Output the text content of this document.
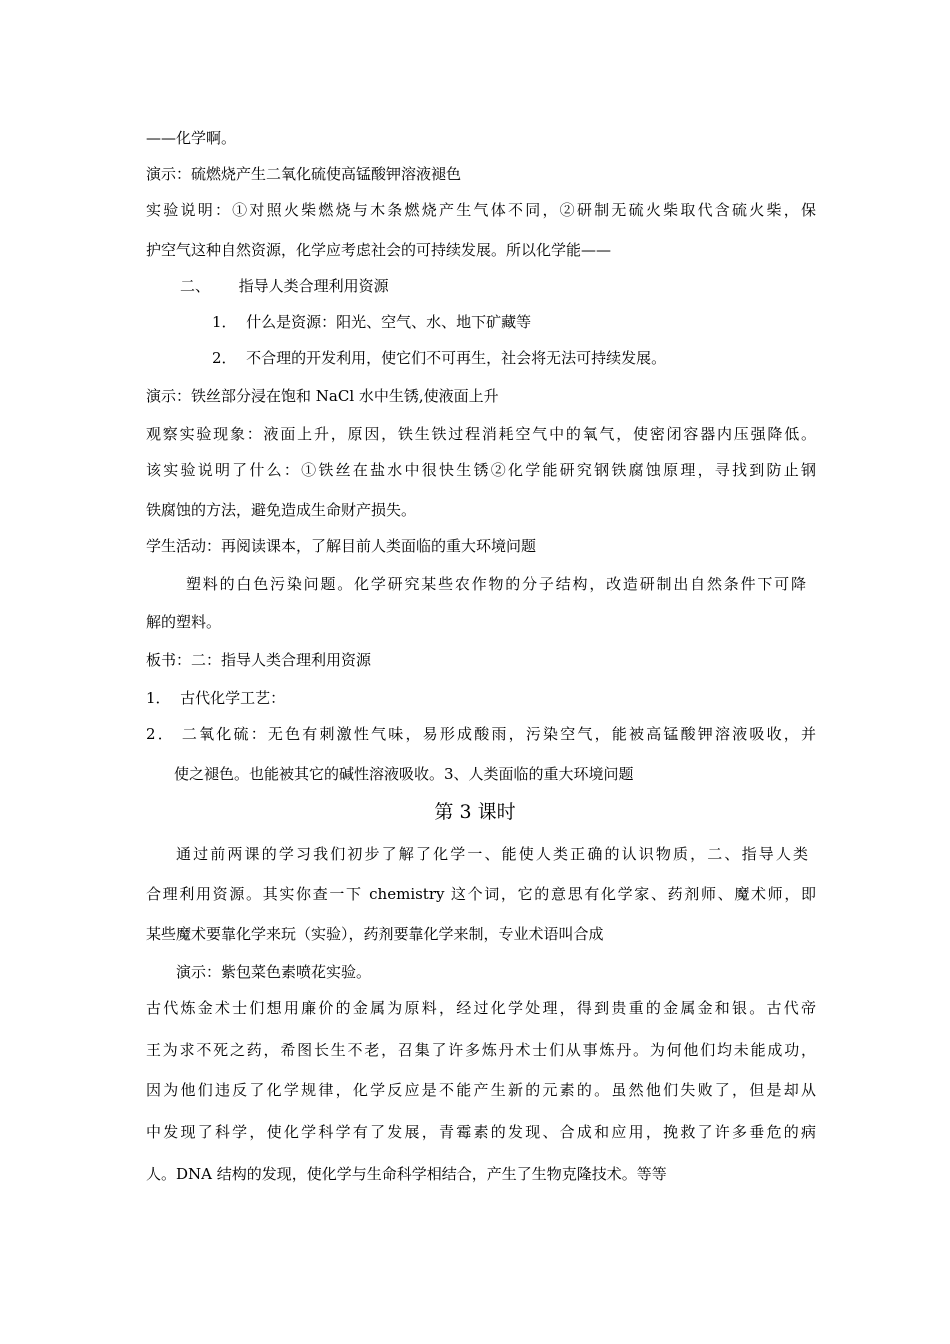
——化学啊。
演示：硫燃烧产生二氧化硫使高锰酸钾溶液褪色
实验说明：①对照火柴燃烧与木条燃烧产生气体不同，②研制无硫火柴取代含硫火柴，保
护空气这种自然资源，化学应考虑社会的可持续发展。所以化学能——
二、      指导人类合理利用资源
1．  什么是资源：阳光、空气、水、地下矿藏等
2．  不合理的开发利用，使它们不可再生，社会将无法可持续发展。
演示：铁丝部分浸在饱和 NaCl 水中生锈,使液面上升
观察实验现象：液面上升，原因，铁生铁过程消耗空气中的氧气，使密闭容器内压强降低。
该实验说明了什么：①铁丝在盐水中很快生锈②化学能研究钢铁腐蚀原理，寻找到防止钢
铁腐蚀的方法，避免造成生命财产损失。
学生活动：再阅读课本，了解目前人类面临的重大环境问题
塑料的白色污染问题。化学研究某些农作物的分子结构，改造研制出自然条件下可降
解的塑料。
板书：二：指导人类合理利用资源
1．  古代化学工艺：
2． 二氧化硫：无色有刺激性气味，易形成酸雨，污染空气，能被高锰酸钾溶液吸收，并
使之褪色。也能被其它的碱性溶液吸收。3、人类面临的重大环境问题
第 3 课时
通过前两课的学习我们初步了解了化学一、能使人类正确的认识物质，二、指导人类
合理利用资源。其实你查一下 chemistry 这个词，它的意思有化学家、药剂师、魔术师，即
某些魔术要靠化学来玩（实验），药剂要靠化学来制，专业术语叫合成
演示：紫包菜色素喷花实验。
古代炼金术士们想用廉价的金属为原料，经过化学处理，得到贵重的金属金和银。古代帝
王为求不死之药，希图长生不老，召集了许多炼丹术士们从事炼丹。为何他们均未能成功，
因为他们违反了化学规律，化学反应是不能产生新的元素的。虽然他们失败了，但是却从
中发现了科学，使化学科学有了发展，青霉素的发现、合成和应用，挽救了许多垂危的病
人。DNA 结构的发现，使化学与生命科学相结合，产生了生物克隆技术。等等
